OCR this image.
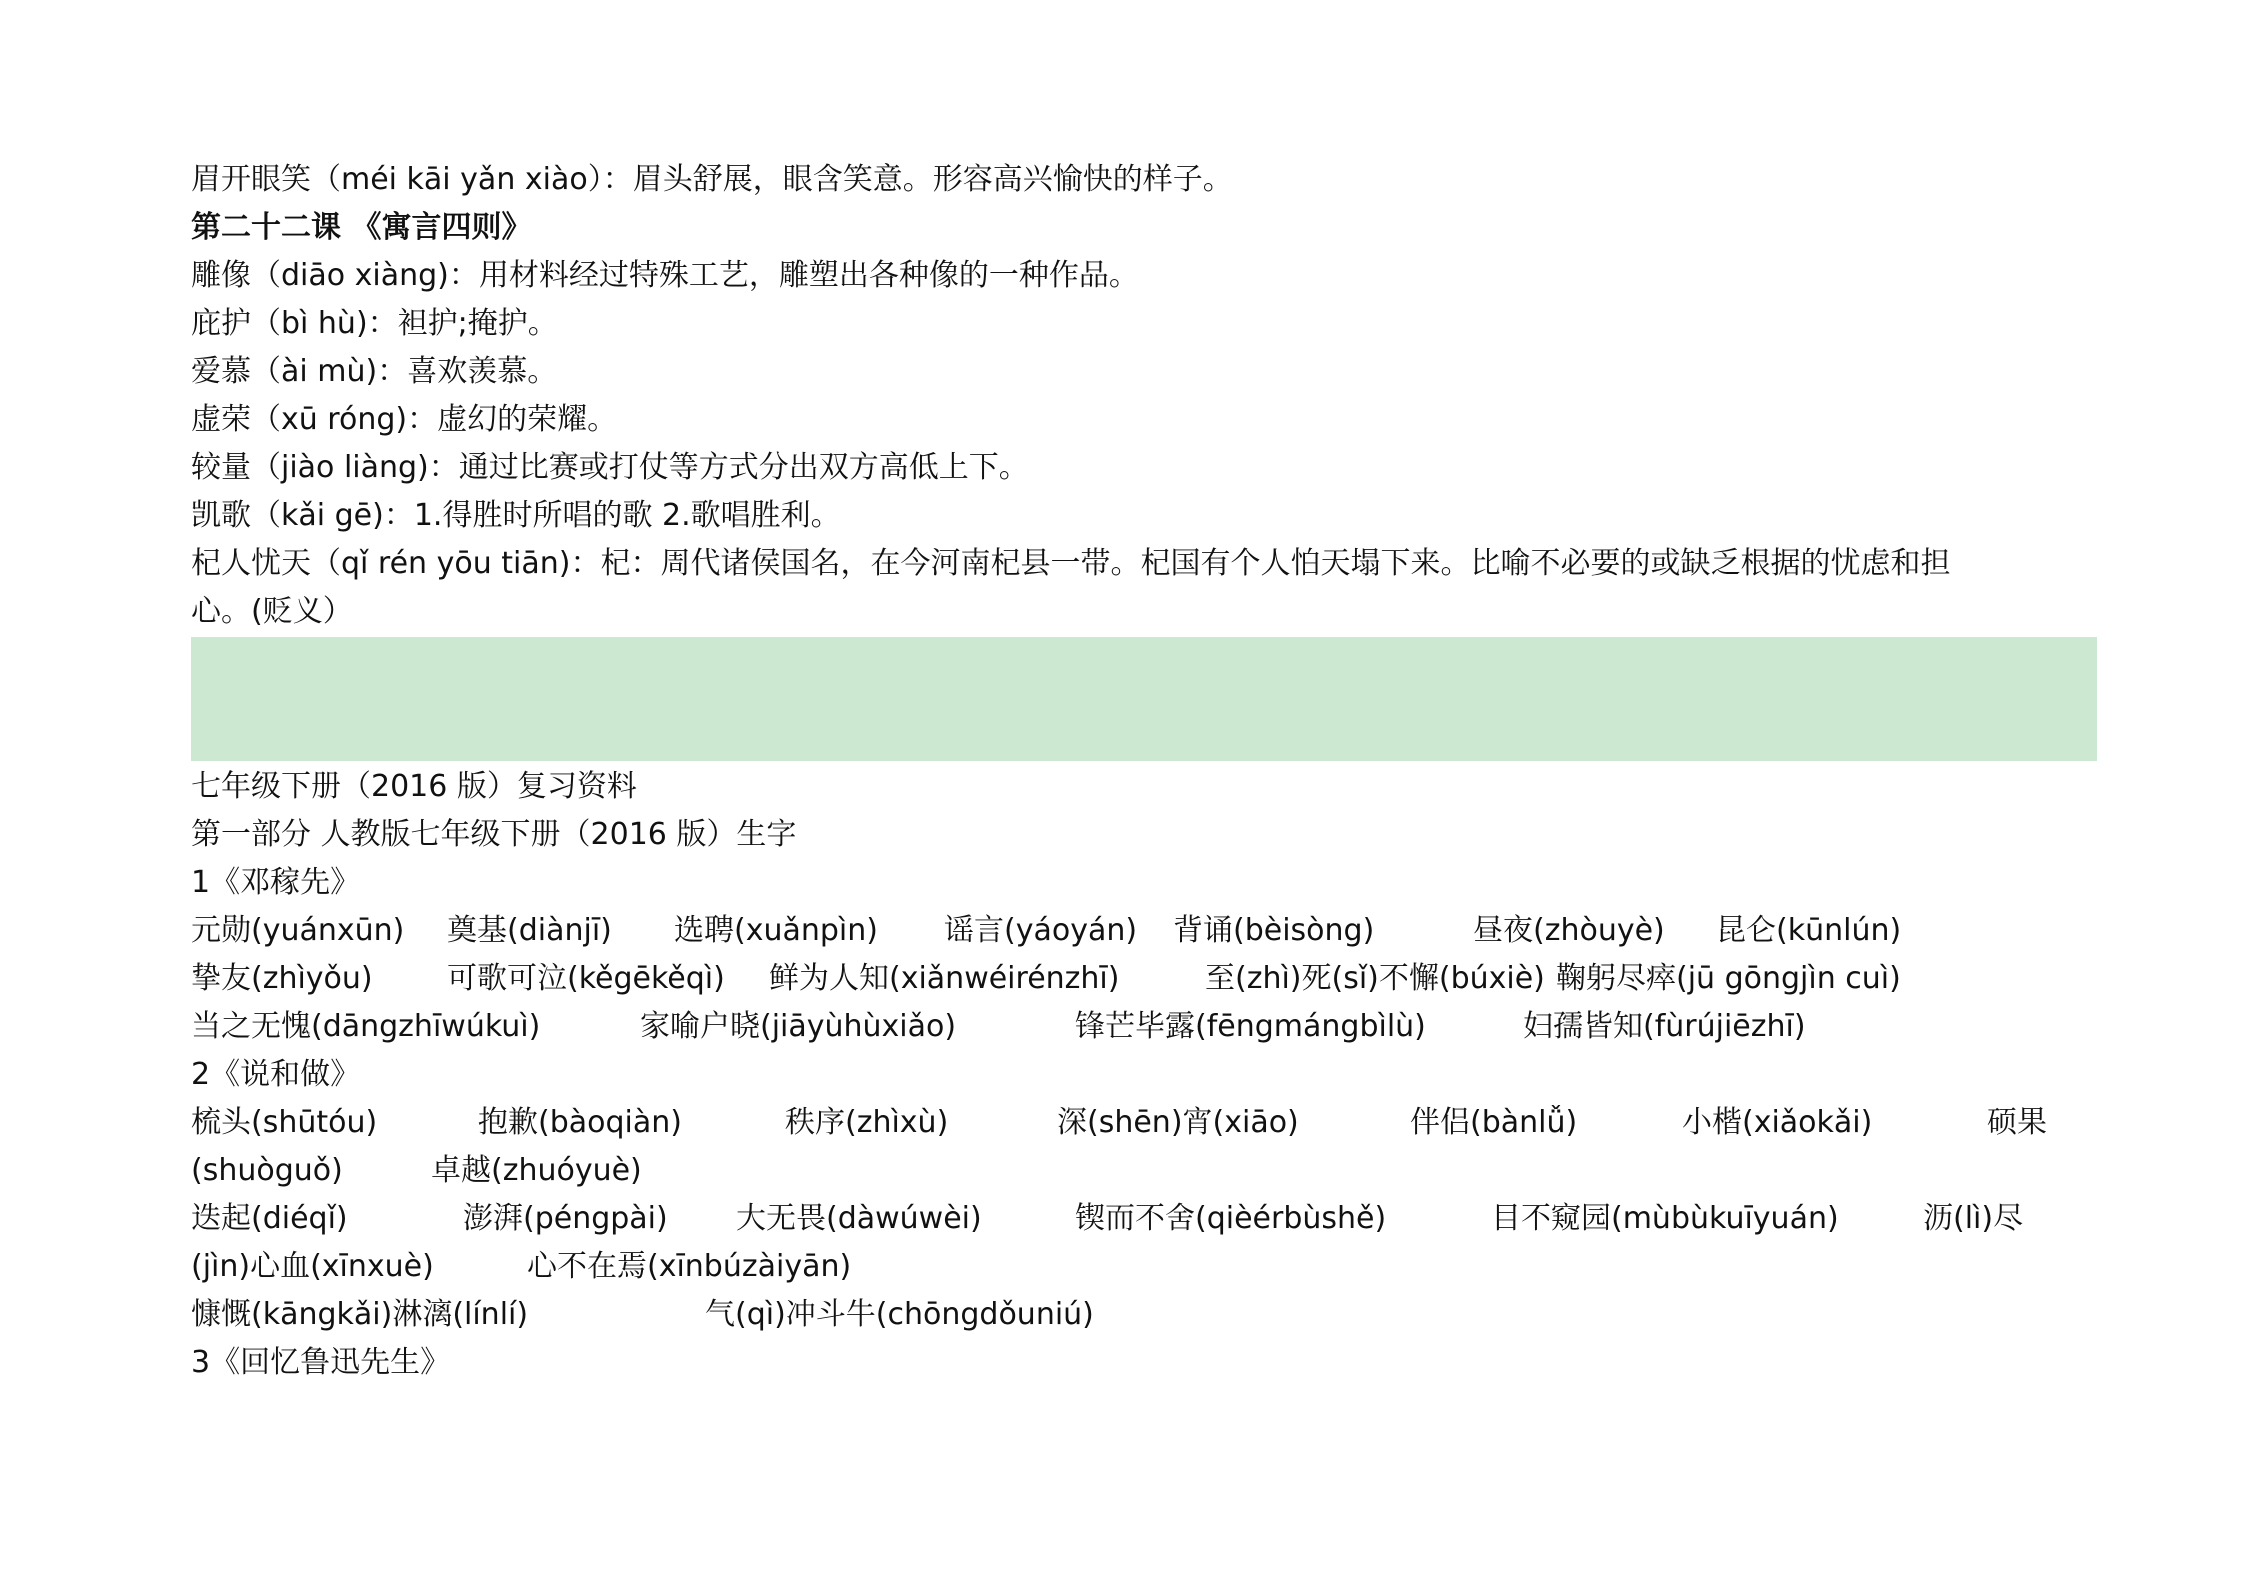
眉开眼笑（méi kāi yǎn xiào）：眉头舒展，眼含笑意。形容高兴愉快的样子。
第二十二课 《寓言四则》
雕像（diāo xiàng)：用材料经过特殊工艺，雕塑出各种像的一种作品。
庇护（bì hù)：袒护;掩护。
爱慕（ài mù)：喜欢羡慕。
虚荣（xū róng)：虚幻的荣耀。
较量（jiào liàng)：通过比赛或打仗等方式分出双方高低上下。
凯歌（kǎi gē)：1.得胜时所唱的歌 2.歌唱胜利。
杞人忧天（qǐ rén yōu tiān)：杞：周代诸侯国名，在今河南杞县一带。杞国有个人怕天塌下来。比喻不必要的或缺乏根据的忧虑和担
心。(贬义）
七年级下册（2016 版）复习资料
第一部分 人教版七年级下册（2016 版）生字
1《邓稼先》
元勋(yuánxūn) 奠基(diànjī) 选聘(xuǎnpìn) 谣言(yáoyán) 背诵(bèisòng)	昼夜(zhòuyè) 昆仑(kūnlún)
挚友(zhìyǒu) 可歌可泣(kěgēkěqì) 鲜为人知(xiǎnwéirénzhī)	至(zhì)死(sǐ)不懈(búxiè) 鞠躬尽瘁(jū gōngjìn cuì)
当之无愧(dāngzhīwúkuì)	家喻户晓(jiāyùhùxiǎo)	锋芒毕露(fēngmángbìlù)	妇孺皆知(fùrújiēzhī)
2《说和做》
梳头(shūtóu)	抱歉(bàoqiàn)	秩序(zhìxù)	深(shēn)宵(xiāo)	伴侣(bànlǚ)	小楷(xiǎokǎi)	硕果
(shuòguǒ)	卓越(zhuóyuè)
迭起(diéqǐ)	澎湃(péngpài) 大无畏(dàwúwèi)	锲而不舍(qièérbùshě)	目不窥园(mùbùkuīyuán)	沥(lì)尽
(jìn)心血(xīnxuè)	心不在焉(xīnbúzàiyān)
慷慨(kāngkǎi)淋漓(línlí)	气(qì)冲斗牛(chōngdǒuniú)
3《回忆鲁迅先生》
